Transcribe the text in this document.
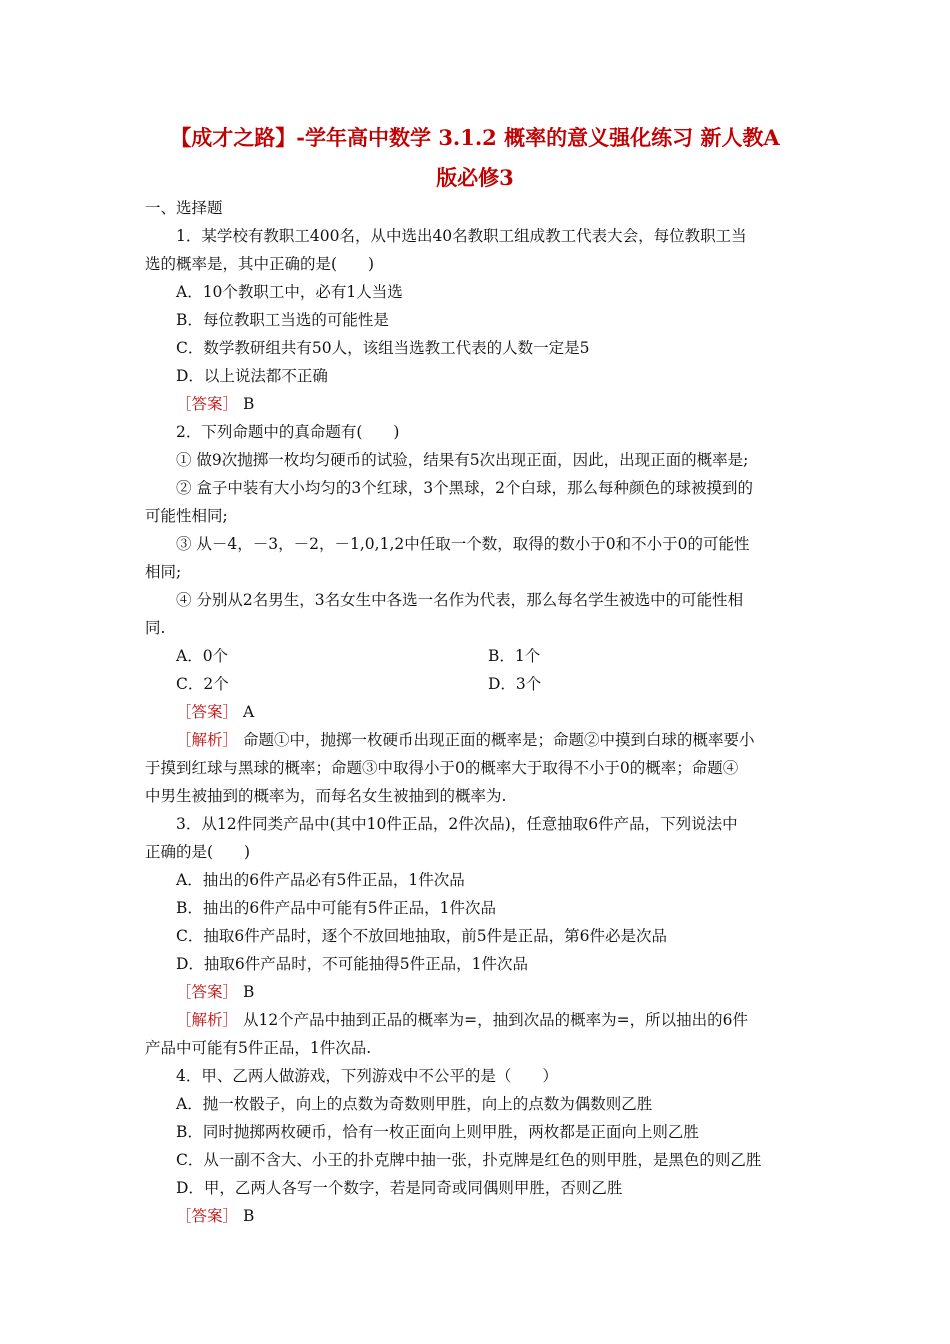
【成才之路】-学年高中数学 3.1.2 概率的意义强化练习 新人教A
版必修3
一、选择题
1．某学校有教职工400名，从中选出40名教职工组成教工代表大会，每位教职工当
选的概率是，其中正确的是(　　)
A．10个教职工中，必有1人当选
B．每位教职工当选的可能性是
C．数学教研组共有50人，该组当选教工代表的人数一定是5
D．以上说法都不正确
［答案］ B
2．下列命题中的真命题有(　　)
① 做9次抛掷一枚均匀硬币的试验，结果有5次出现正面，因此，出现正面的概率是;
② 盒子中装有大小均匀的3个红球，3个黑球，2个白球，那么每种颜色的球被摸到的
可能性相同;
③ 从－4，－3，－2，－1,0,1,2中任取一个数，取得的数小于0和不小于0的可能性
相同;
④ 分别从2名男生，3名女生中各选一名作为代表，那么每名学生被选中的可能性相
同.
A．0个	B．1个
C．2个	D．3个
［答案］ A
［解析］ 命题①中，抛掷一枚硬币出现正面的概率是；命题②中摸到白球的概率要小
于摸到红球与黑球的概率；命题③中取得小于0的概率大于取得不小于0的概率；命题④
中男生被抽到的概率为，而每名女生被抽到的概率为.
3．从12件同类产品中(其中10件正品，2件次品)，任意抽取6件产品，下列说法中
正确的是(　　)
A．抽出的6件产品必有5件正品，1件次品
B．抽出的6件产品中可能有5件正品，1件次品
C．抽取6件产品时，逐个不放回地抽取，前5件是正品，第6件必是次品
D．抽取6件产品时，不可能抽得5件正品，1件次品
［答案］ B
［解析］ 从12个产品中抽到正品的概率为=，抽到次品的概率为=，所以抽出的6件
产品中可能有5件正品，1件次品.
4．甲、乙两人做游戏，下列游戏中不公平的是（　　）
A．抛一枚骰子，向上的点数为奇数则甲胜，向上的点数为偶数则乙胜
B．同时抛掷两枚硬币，恰有一枚正面向上则甲胜，两枚都是正面向上则乙胜
C．从一副不含大、小王的扑克牌中抽一张，扑克牌是红色的则甲胜，是黑色的则乙胜
D．甲，乙两人各写一个数字，若是同奇或同偶则甲胜，否则乙胜
［答案］ B
